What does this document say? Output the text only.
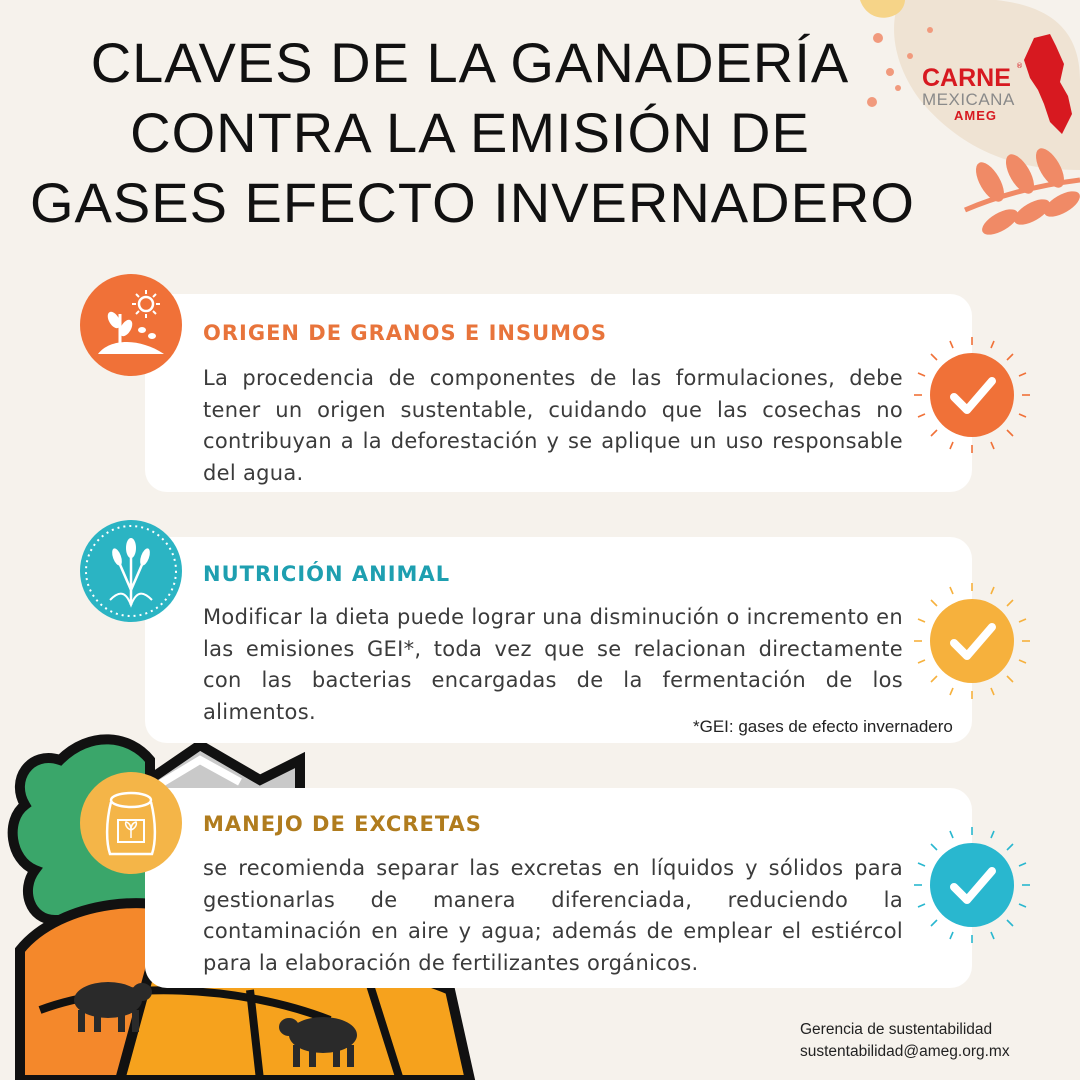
CARNE ®
MEXICANA
AMEG
CLAVES DE LA GANADERÍA
CONTRA LA EMISIÓN DE
GASES EFECTO INVERNADERO
ORIGEN DE GRANOS E INSUMOS
La procedencia de componentes de las formulaciones, debe tener un origen sustentable, cuidando que las cosechas no contribuyan a la deforestación y se aplique un uso responsable del agua.
NUTRICIÓN ANIMAL
Modificar la dieta puede lograr una disminución o incremento en las emisiones GEI*, toda vez que se relacionan directamente con las bacterias encargadas de la fermentación de los alimentos.
*GEI: gases de efecto invernadero
MANEJO DE EXCRETAS
se recomienda separar las excretas en líquidos y sólidos para gestionarlas de manera diferenciada, reduciendo la contaminación en aire y agua; además de emplear el estiércol para la elaboración de fertilizantes orgánicos.
Gerencia de sustentabilidad
sustentabilidad@ameg.org.mx
